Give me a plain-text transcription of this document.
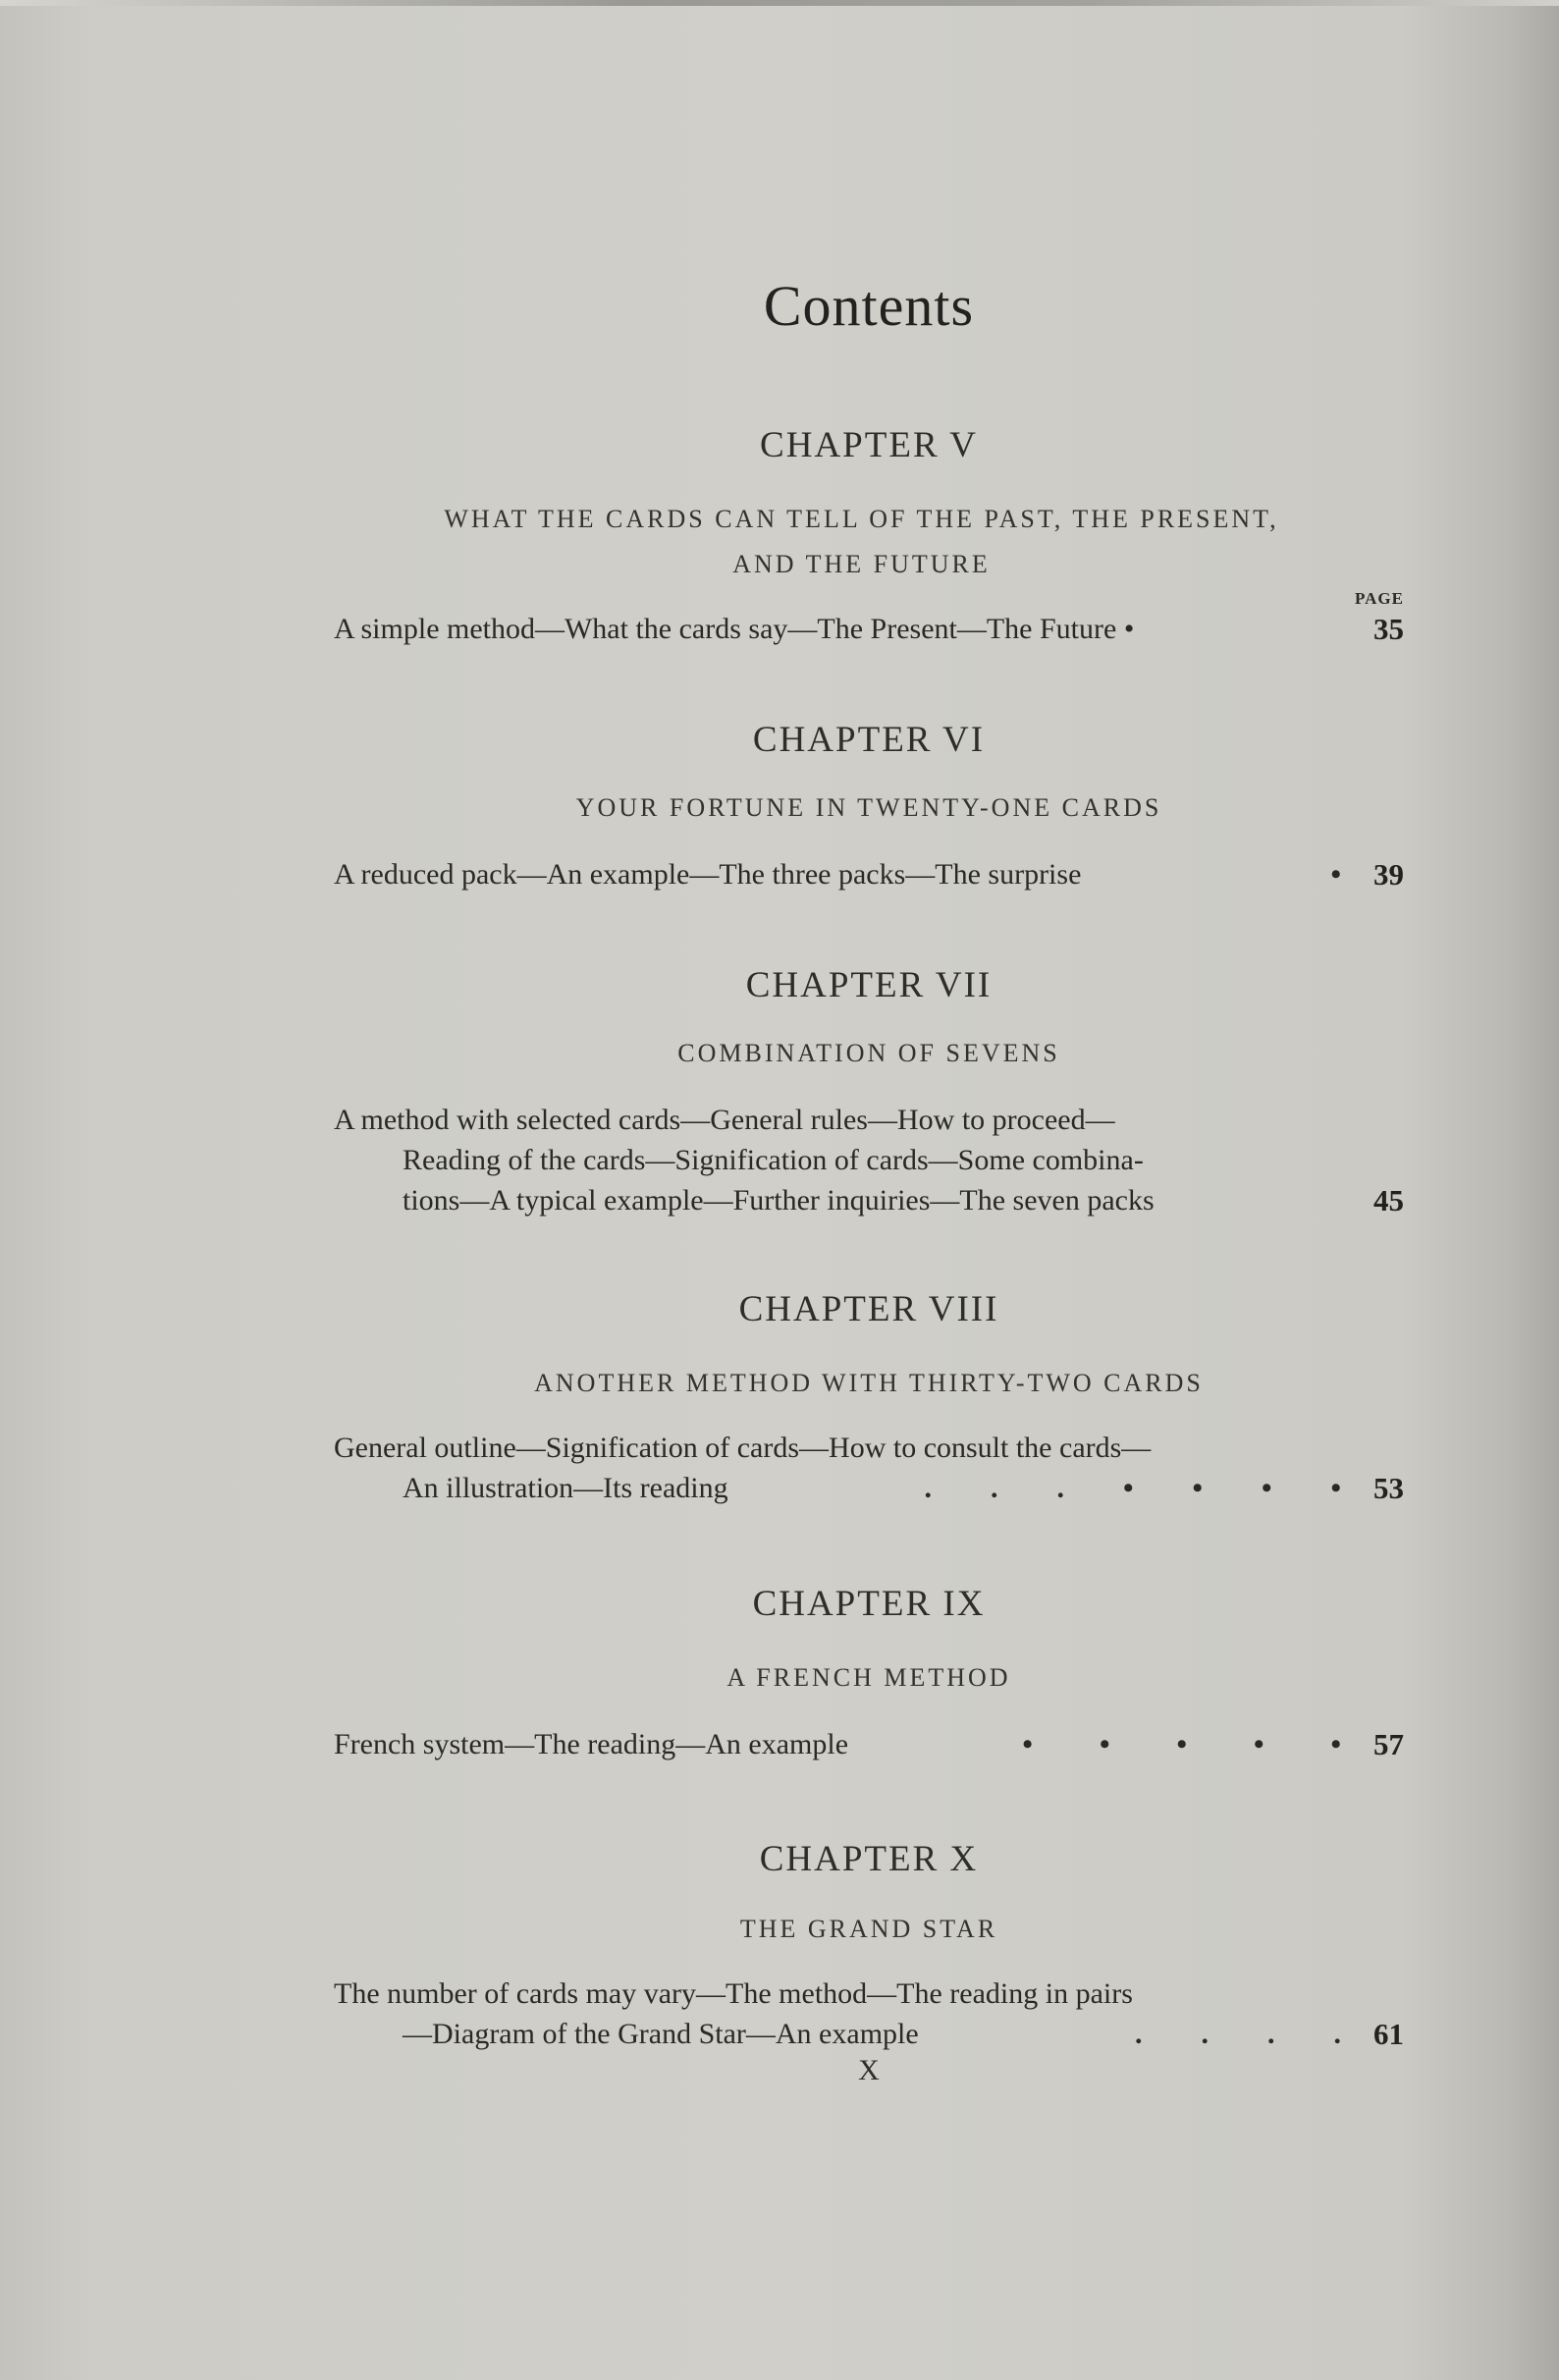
Contents
CHAPTER V
WHAT THE CARDS CAN TELL OF THE PAST, THE PRESENT,
AND THE FUTURE
PAGE
A simple method—What the cards say—The Present—The Future •	35
CHAPTER VI
YOUR FORTUNE IN TWENTY-ONE CARDS
A reduced pack—An example—The three packs—The surprise	•	39
CHAPTER VII
COMBINATION OF SEVENS
A method with selected cards—General rules—How to proceed—
Reading of the cards—Signification of cards—Some combina-
tions—A typical example—Further inquiries—The seven packs	45
CHAPTER VIII
ANOTHER METHOD WITH THIRTY-TWO CARDS
General outline—Signification of cards—How to consult the cards—
An illustration—Its reading	. . . • • • •	53
CHAPTER IX
A FRENCH METHOD
French system—The reading—An example	• • • • •	57
CHAPTER X
THE GRAND STAR
The number of cards may vary—The method—The reading in pairs
—Diagram of the Grand Star—An example	. . . .	61
X
